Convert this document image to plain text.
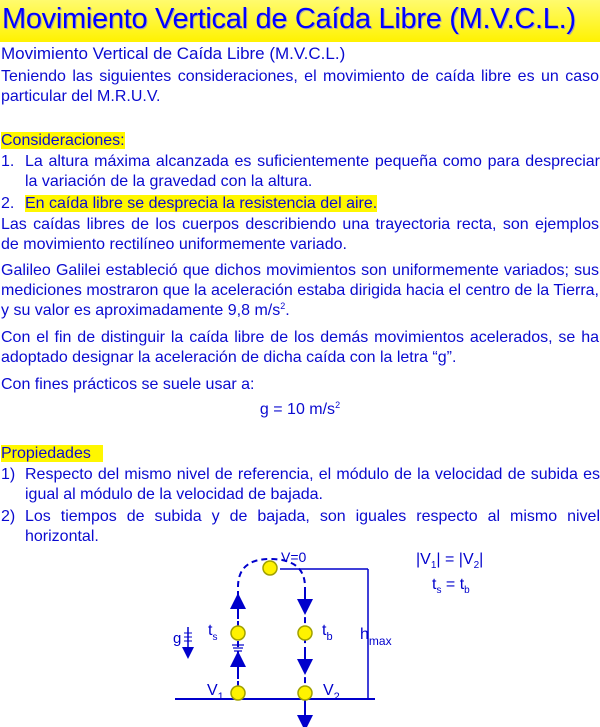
Movimiento Vertical de Caída Libre (M.V.C.L.)
Movimiento Vertical de Caída Libre (M.V.C.L.)
Teniendo las siguientes consideraciones, el movimiento de caída libre es un caso particular del M.R.U.V.
Consideraciones:
1. La altura máxima alcanzada es suficientemente pequeña como para despreciar la variación de la gravedad con la altura.
2. En caída libre se desprecia la resistencia del aire.
Las caídas libres de los cuerpos describiendo una trayectoria recta, son ejemplos de movimiento rectilíneo uniformemente variado.
Galileo Galilei estableció que dichos movimientos son uniformemente variados; sus mediciones mostraron que la aceleración estaba dirigida hacia el centro de la Tierra, y su valor es aproximadamente 9,8 $m/s^2$.
Con el fin de distinguir la caída libre de los demás movimientos acelerados, se ha adoptado designar la aceleración de dicha caída con la letra “g”.
Con fines prácticos se suele usar a:
g = 10 $m/s^2$
Propiedades
1) Respecto del mismo nivel de referencia, el módulo de la velocidad de subida es igual al módulo de la velocidad de bajada.
2) Los tiempos de subida y de bajada, son iguales respecto al mismo nivel horizontal.
V=0
g $t_s$	$t_b$ $h_{max}$
$V_1$	$V_2$
$|V_1| = |V_2|$
$t_s = t_b$
